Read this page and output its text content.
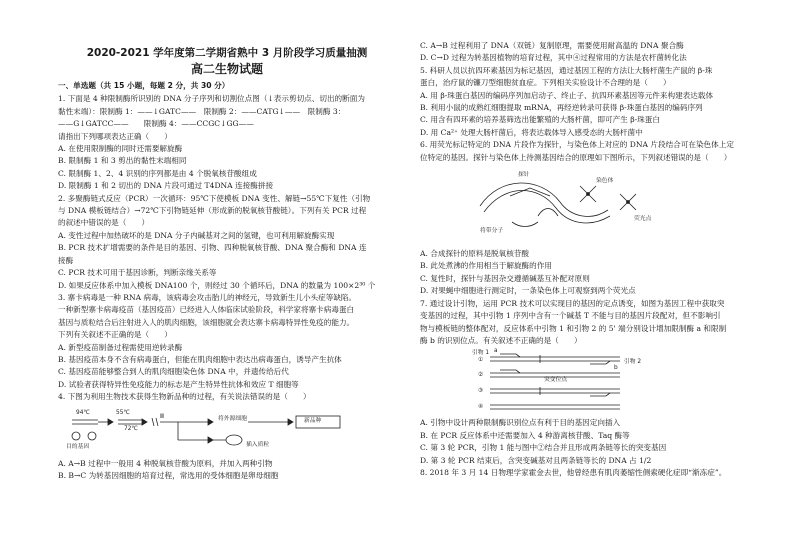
2020-2021 学年度第二学期省熟中 3 月阶段学习质量抽测
高二生物试题
一、单选题（共 15 小题，每题 2 分，共 30 分）
1. 下面是 4 种限制酶所识别的 DNA 分子序列和切割位点图（↓表示剪切点、切出的断面为
黏性末端）：限制酶 1：——↓GATC——　限制酶 2：——CATG↓——　限制酶 3：
——G↓GATCC——　　限制酶 4：——CCGC↓GG——
请指出下列哪项表达正确（　　）
A. 在使用限制酶的同时还需要解旋酶
B. 限制酶 1 和 3 剪出的黏性末端相同
C. 限制酶 1、2、4 识别的序列都是由 4 个脱氧核苷酸组成
D. 限制酶 1 和 2 切出的 DNA 片段可通过 T4DNA 连接酶拼接
2. 多聚酶链式反应（PCR）一次循环：95℃下使模板 DNA 变性、解链→55℃下复性（引物
与 DNA 模板链结合）→72℃下引物链延伸（形成新的脱氧核苷酸链）。下列有关 PCR 过程
的叙述中错误的是（　　）
A. 变性过程中加热破坏的是 DNA 分子内碱基对之间的氢键，也可利用解旋酶实现
B. PCR 技术扩增需要的条件是目的基因、引物、四种脱氧核苷酸、DNA 聚合酶和 DNA 连
接酶
C. PCR 技术可用于基因诊断，判断亲缘关系等
D. 如果反应体系中加入模板 DNA100 个，则经过 30 个循环后，DNA 的数量为 100×2³⁰ 个
3. 寨卡病毒是一种 RNA 病毒，该病毒会攻击胎儿的神经元，导致新生儿小头症等缺陷。
一种新型寨卡病毒疫苗（基因疫苗）已经进入人体临床试验阶段，科学家将寨卡病毒蛋白
基因与质粒结合后注射进入人的肌肉细胞，该细胞就会表达寨卡病毒特异性免疫的能力。
下列有关叙述不正确的是（　　）
A. 新型疫苗制备过程需使用逆转录酶
B. 基因疫苗本身不含有病毒蛋白，但能在肌肉细胞中表达出病毒蛋白，诱导产生抗体
C. 基因疫苗能够整合到人的肌肉细胞染色体 DNA 中，并遗传给后代
D. 试验者获得特异性免疫能力的标志是产生特异性抗体和效应 T 细胞等
4. 下图为利用生物技术获得生物新品种的过程，有关说法错误的是（　　）
94℃	55℃
72℃
Ⅲ
目的基因
将外源细胞	新品种
插入质粒
A. A→B 过程中一般用 4 种脱氧核苷酸为原料，并加入两种引物
B. B→C 为转基因细胞的培育过程，常选用的受体细胞是卵母细胞
C. A→B 过程利用了 DNA（双链）复制原理，需要使用耐高温的 DNA 聚合酶
D. C→D 过程为转基因植物的培育过程，其中④过程常用的方法是农杆菌转化法
5. 科研人员以抗四环素基因为标记基因，通过基因工程的方法让大肠杆菌生产鼠的 β-珠
蛋白，治疗鼠的镰刀型细胞贫血症。下列相关实验设计不合理的是（　　）
A. 用 β-珠蛋白基因的编码序列加启动子、终止子、抗四环素基因等元件来构建表达载体
B. 利用小鼠的成熟红细胞提取 mRNA，再经逆转录可获得 β-珠蛋白基因的编码序列
C. 用含有四环素的培养基筛选出能繁殖的大肠杆菌，即可产生 β-珠蛋白
D. 用 Ca²⁺ 处理大肠杆菌后，将表达载体导入感受态的大肠杆菌中
6. 用荧光标记特定的 DNA 片段作为探针，与染色体上对应的 DNA 片段结合可在染色体上定
位特定的基因。探针与染色体上待测基因结合的原理如下图所示，下列叙述错误的是（　　）
探针
将带分子
染色体
荧光点
A. 合成探针的原料是脱氧核苷酸
B. 此处煮沸的作用相当于解旋酶的作用
C. 复性时，探针与基因杂交遵循碱基互补配对原则
D. 对果蝇中细胞进行测定时，一条染色体上可观察到两个荧光点
7. 通过设计引物，运用 PCR 技术可以实现目的基因的定点诱变，如图为基因工程中获取突
变基因的过程，其中引物 1 序列中含有一个碱基 T 不能与目的基因片段配对，但不影响引
物与模板链的整体配对，反应体系中引物 1 和引物 2 的 5' 端分别设计增加限制酶 a 和限制
酶 b 的识别位点。有关叙述不正确的是（　　）
引物 1
引物 2
①
②
③
④
突变位点
a
b
A. 引物中设计两种限制酶识别位点有利于目的基因定向插入
B. 在 PCR 反应体系中还需要加入 4 种游离核苷酸、Taq 酶等
C. 第 3 轮 PCR，引物 1 能与图中②结合并且形成两条链等长的突变基因
D. 第 3 轮 PCR 结束后，含突变碱基对且两条链等长的 DNA 占 1/2
8. 2018 年 3 月 14 日物理学家霍金去世，他曾经患有肌肉萎缩性侧索硬化症即“渐冻症”。
